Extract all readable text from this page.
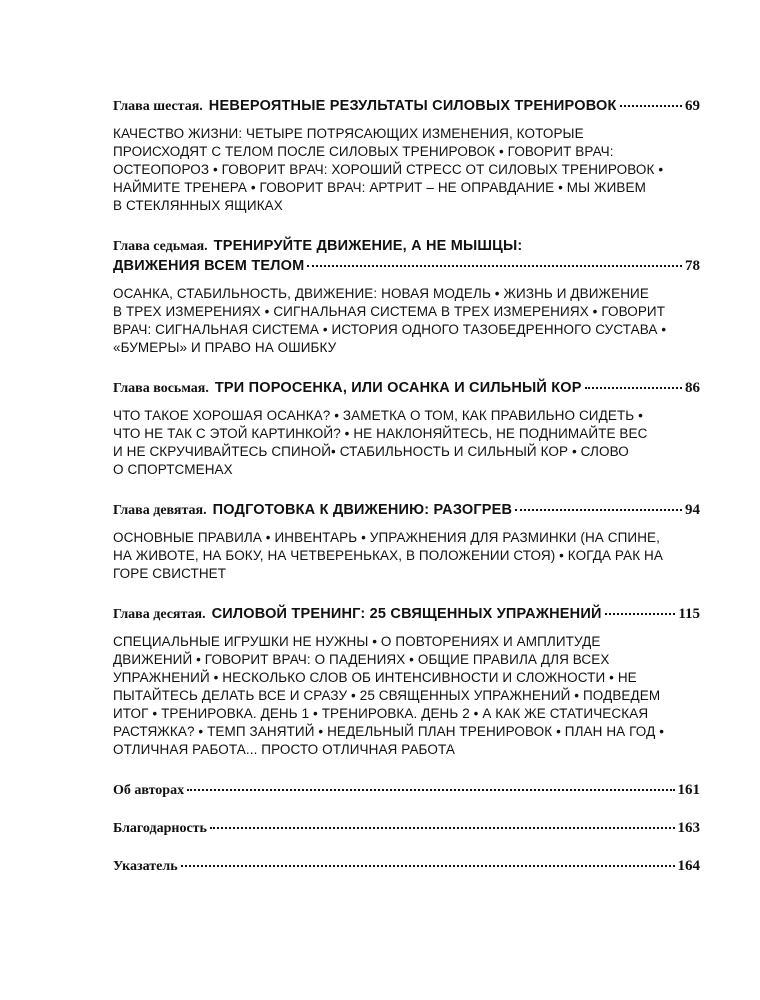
Глава шестая. НЕВЕРОЯТНЫЕ РЕЗУЛЬТАТЫ СИЛОВЫХ ТРЕНИРОВОК	69
КАЧЕСТВО ЖИЗНИ: ЧЕТЫРЕ ПОТРЯСАЮЩИХ ИЗМЕНЕНИЯ, КОТОРЫЕ
ПРОИСХОДЯТ С ТЕЛОМ ПОСЛЕ СИЛОВЫХ ТРЕНИРОВОК • ГОВОРИТ ВРАЧ:
ОСТЕОПОРОЗ • ГОВОРИТ ВРАЧ: ХОРОШИЙ СТРЕСС ОТ СИЛОВЫХ ТРЕНИРОВОК •
НАЙМИТЕ ТРЕНЕРА • ГОВОРИТ ВРАЧ: АРТРИТ – НЕ ОПРАВДАНИЕ • МЫ ЖИВЕМ
В СТЕКЛЯННЫХ ЯЩИКАХ
Глава седьмая. ТРЕНИРУЙТЕ ДВИЖЕНИЕ, А НЕ МЫШЦЫ:
ДВИЖЕНИЯ ВСЕМ ТЕЛОМ	78
ОСАНКА, СТАБИЛЬНОСТЬ, ДВИЖЕНИЕ: НОВАЯ МОДЕЛЬ • ЖИЗНЬ И ДВИЖЕНИЕ
В ТРЕХ ИЗМЕРЕНИЯХ • СИГНАЛЬНАЯ СИСТЕМА В ТРЕХ ИЗМЕРЕНИЯХ • ГОВОРИТ
ВРАЧ: СИГНАЛЬНАЯ СИСТЕМА • ИСТОРИЯ ОДНОГО ТАЗОБЕДРЕННОГО СУСТАВА •
«БУМЕРЫ» И ПРАВО НА ОШИБКУ
Глава восьмая. ТРИ ПОРОСЕНКА, ИЛИ ОСАНКА И СИЛЬНЫЙ КОР	86
ЧТО ТАКОЕ ХОРОШАЯ ОСАНКА? • ЗАМЕТКА О ТОМ, КАК ПРАВИЛЬНО СИДЕТЬ •
ЧТО НЕ ТАК С ЭТОЙ КАРТИНКОЙ? • НЕ НАКЛОНЯЙТЕСЬ, НЕ ПОДНИМАЙТЕ ВЕС
И НЕ СКРУЧИВАЙТЕСЬ СПИНОЙ• СТАБИЛЬНОСТЬ И СИЛЬНЫЙ КОР • СЛОВО
О СПОРТСМЕНАХ
Глава девятая. ПОДГОТОВКА К ДВИЖЕНИЮ: РАЗОГРЕВ	94
ОСНОВНЫЕ ПРАВИЛА • ИНВЕНТАРЬ • УПРАЖНЕНИЯ ДЛЯ РАЗМИНКИ (НА СПИНЕ,
НА ЖИВОТЕ, НА БОКУ, НА ЧЕТВЕРЕНЬКАХ, В ПОЛОЖЕНИИ СТОЯ) • КОГДА РАК НА
ГОРЕ СВИСТНЕТ
Глава десятая. СИЛОВОЙ ТРЕНИНГ: 25 СВЯЩЕННЫХ УПРАЖНЕНИЙ	115
СПЕЦИАЛЬНЫЕ ИГРУШКИ НЕ НУЖНЫ • О ПОВТОРЕНИЯХ И АМПЛИТУДЕ
ДВИЖЕНИЙ • ГОВОРИТ ВРАЧ: О ПАДЕНИЯХ • ОБЩИЕ ПРАВИЛА ДЛЯ ВСЕХ
УПРАЖНЕНИЙ • НЕСКОЛЬКО СЛОВ ОБ ИНТЕНСИВНОСТИ И СЛОЖНОСТИ • НЕ
ПЫТАЙТЕСЬ ДЕЛАТЬ ВСЕ И СРАЗУ • 25 СВЯЩЕННЫХ УПРАЖНЕНИЙ • ПОДВЕДЕМ
ИТОГ • ТРЕНИРОВКА. ДЕНЬ 1 • ТРЕНИРОВКА. ДЕНЬ 2 • А КАК ЖЕ СТАТИЧЕСКАЯ
РАСТЯЖКА? • ТЕМП ЗАНЯТИЙ • НЕДЕЛЬНЫЙ ПЛАН ТРЕНИРОВОК • ПЛАН НА ГОД •
ОТЛИЧНАЯ РАБОТА... ПРОСТО ОТЛИЧНАЯ РАБОТА
Об авторах	161
Благодарность	163
Указатель	164
